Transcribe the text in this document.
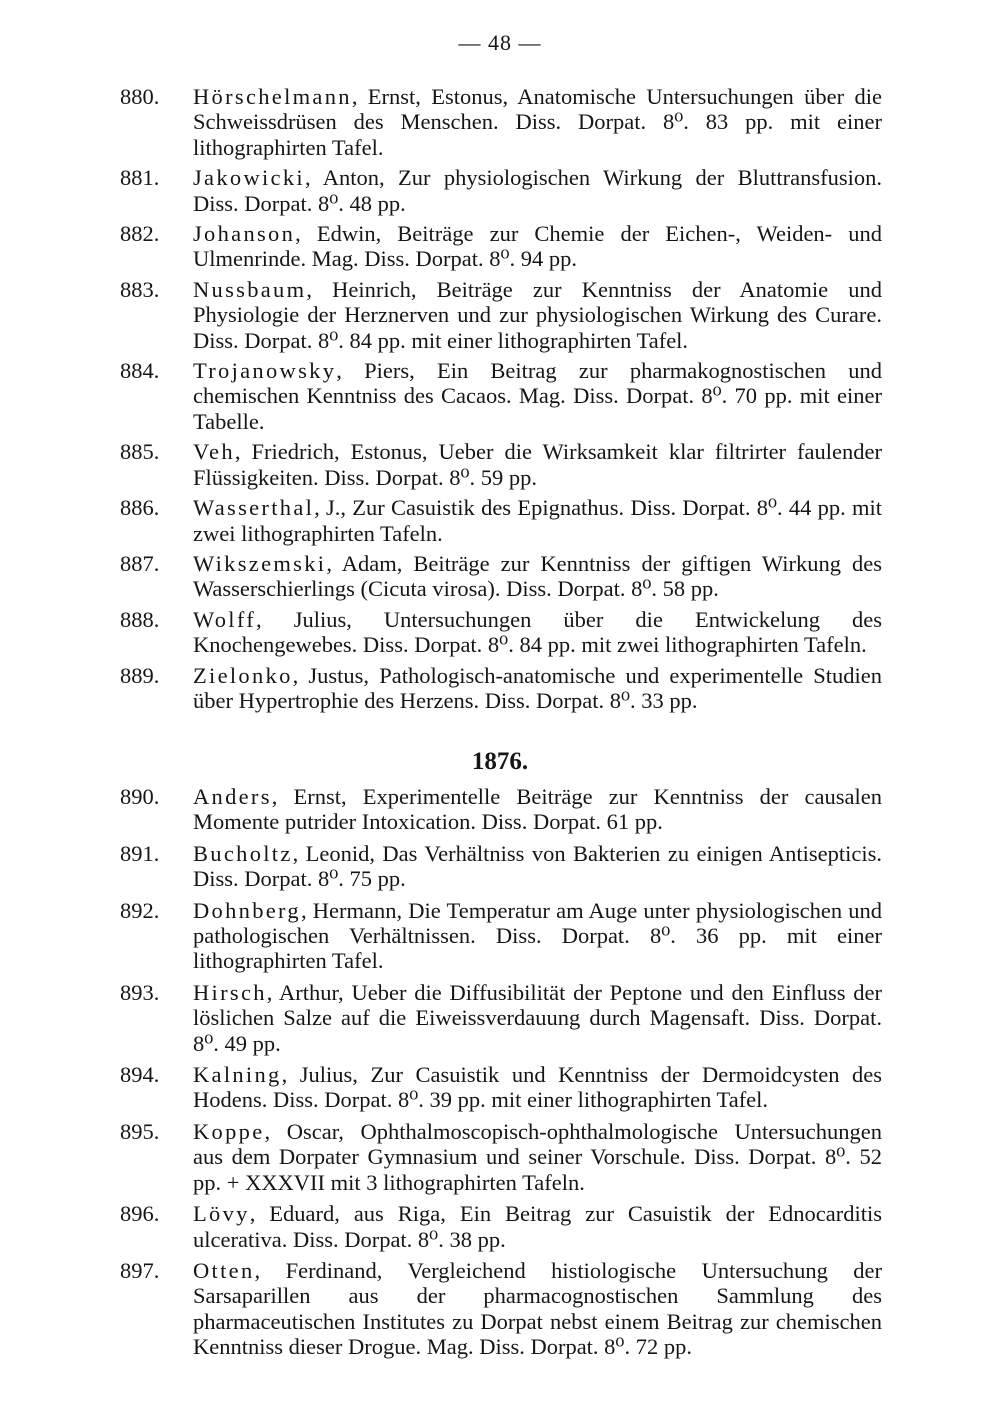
— 48 —
880. Hörschelmann, Ernst, Estonus, Anatomische Untersuchungen über die Schweissdrüsen des Menschen. Diss. Dorpat. 8⁰. 83 pp. mit einer lithographirten Tafel.
881. Jakowicki, Anton, Zur physiologischen Wirkung der Bluttransfusion. Diss. Dorpat. 8⁰. 48 pp.
882. Johanson, Edwin, Beiträge zur Chemie der Eichen-, Weiden- und Ulmenrinde. Mag. Diss. Dorpat. 8⁰. 94 pp.
883. Nussbaum, Heinrich, Beiträge zur Kenntniss der Anatomie und Physiologie der Herznerven und zur physiologischen Wirkung des Curare. Diss. Dorpat. 8⁰. 84 pp. mit einer lithographirten Tafel.
884. Trojanowsky, Piers, Ein Beitrag zur pharmakognostischen und chemischen Kenntniss des Cacaos. Mag. Diss. Dorpat. 8⁰. 70 pp. mit einer Tabelle.
885. Veh, Friedrich, Estonus, Ueber die Wirksamkeit klar filtrirter faulender Flüssigkeiten. Diss. Dorpat. 8⁰. 59 pp.
886. Wasserthal, J., Zur Casuistik des Epignathus. Diss. Dorpat. 8⁰. 44 pp. mit zwei lithographirten Tafeln.
887. Wikszemski, Adam, Beiträge zur Kenntniss der giftigen Wirkung des Wasserschierlings (Cicuta virosa). Diss. Dorpat. 8⁰. 58 pp.
888. Wolff, Julius, Untersuchungen über die Entwickelung des Knochengewebes. Diss. Dorpat. 8⁰. 84 pp. mit zwei lithographirten Tafeln.
889. Zielonko, Justus, Pathologisch-anatomische und experimentelle Studien über Hypertrophie des Herzens. Diss. Dorpat. 8⁰. 33 pp.
1876.
890. Anders, Ernst, Experimentelle Beiträge zur Kenntniss der causalen Momente putrider Intoxication. Diss. Dorpat. 61 pp.
891. Bucholtz, Leonid, Das Verhältniss von Bakterien zu einigen Antisepticis. Diss. Dorpat. 8⁰. 75 pp.
892. Dohnberg, Hermann, Die Temperatur am Auge unter physiologischen und pathologischen Verhältnissen. Diss. Dorpat. 8⁰. 36 pp. mit einer lithographirten Tafel.
893. Hirsch, Arthur, Ueber die Diffusibilität der Peptone und den Einfluss der löslichen Salze auf die Eiweissverdauung durch Magensaft. Diss. Dorpat. 8⁰. 49 pp.
894. Kalning, Julius, Zur Casuistik und Kenntniss der Dermoidcysten des Hodens. Diss. Dorpat. 8⁰. 39 pp. mit einer lithographirten Tafel.
895. Koppe, Oscar, Ophthalmoscopisch-ophthalmologische Untersuchungen aus dem Dorpater Gymnasium und seiner Vorschule. Diss. Dorpat. 8⁰. 52 pp. + XXXVII mit 3 lithographirten Tafeln.
896. Lövy, Eduard, aus Riga, Ein Beitrag zur Casuistik der Ednocarditis ulcerativa. Diss. Dorpat. 8⁰. 38 pp.
897. Otten, Ferdinand, Vergleichend histiologische Untersuchung der Sarsaparillen aus der pharmacognostischen Sammlung des pharmaceutischen Institutes zu Dorpat nebst einem Beitrag zur chemischen Kenntniss dieser Drogue. Mag. Diss. Dorpat. 8⁰. 72 pp.
